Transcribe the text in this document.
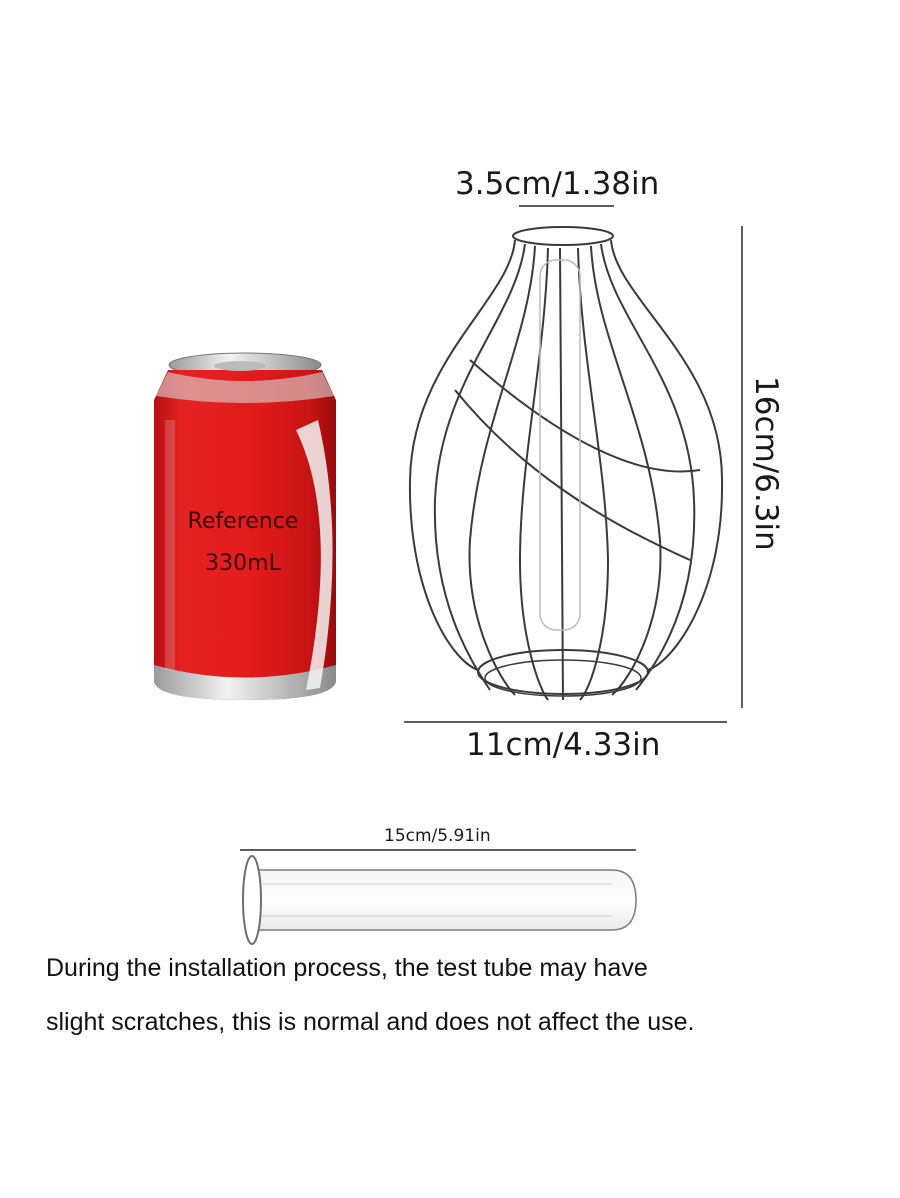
3.5cm/1.38in
16cm/6.3in
11cm/4.33in
15cm/5.91in
Reference
330mL
During the installation process, the test tube may have
slight scratches, this is normal and does not affect the use.
